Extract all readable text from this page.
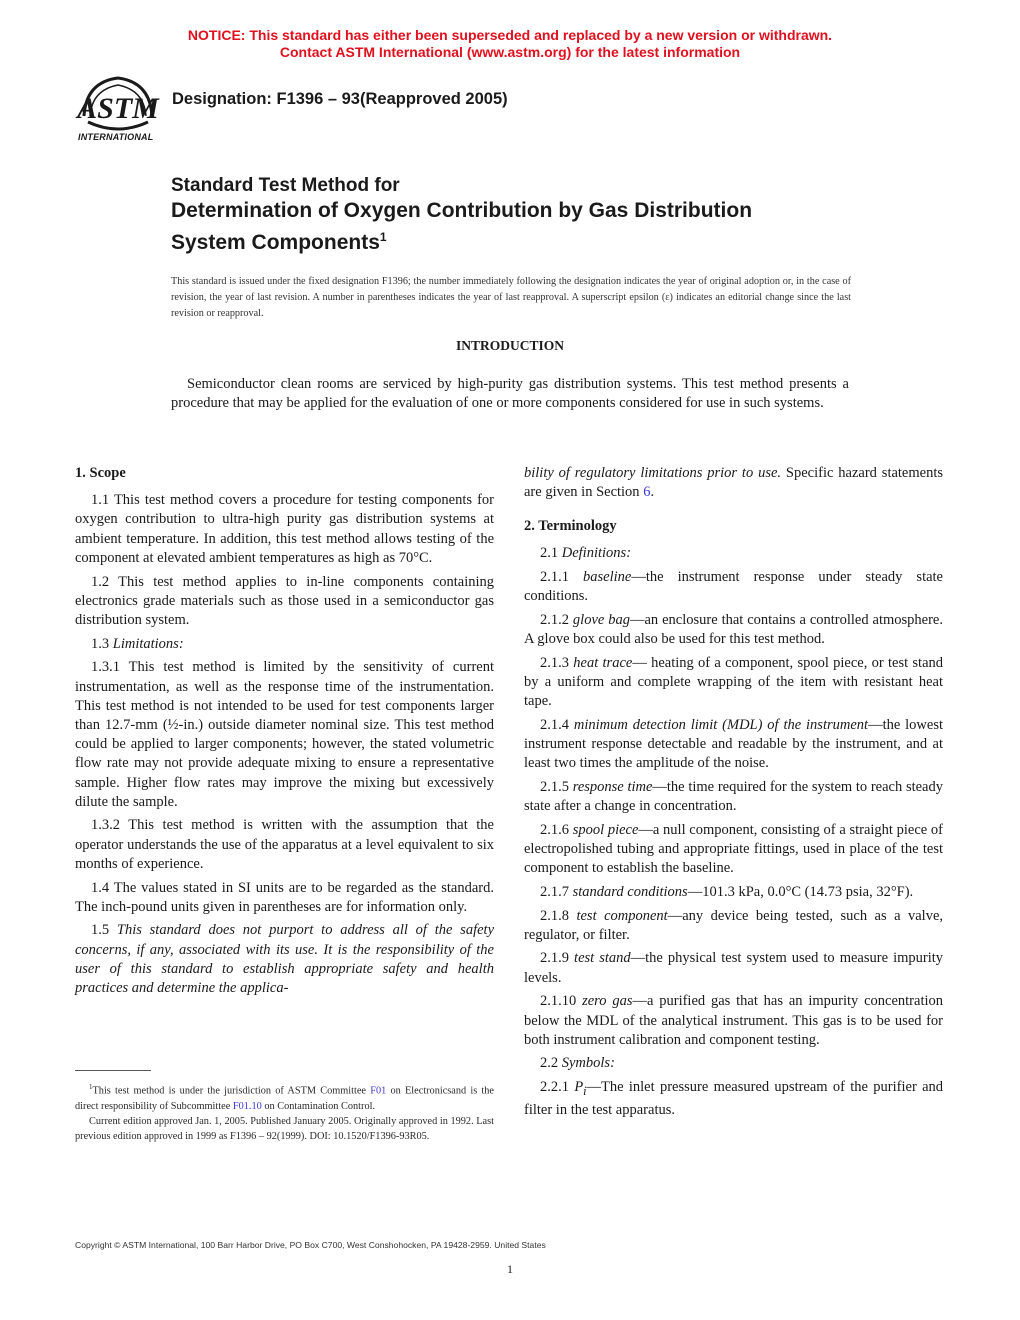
NOTICE: This standard has either been superseded and replaced by a new version or withdrawn.
Contact ASTM International (www.astm.org) for the latest information
ASTM
INTERNATIONAL
Designation: F1396 – 93(Reapproved 2005)
Standard Test Method for
Determination of Oxygen Contribution by Gas Distribution
System Components$^1$
This standard is issued under the fixed designation F1396; the number immediately following the designation indicates the year of original adoption or, in the case of revision, the year of last revision. A number in parentheses indicates the year of last reapproval. A superscript epsilon (ε) indicates an editorial change since the last revision or reapproval.
INTRODUCTION
Semiconductor clean rooms are serviced by high-purity gas distribution systems. This test method presents a procedure that may be applied for the evaluation of one or more components considered for use in such systems.

1. Scope

1.1 This test method covers a procedure for testing components for oxygen contribution to ultra-high purity gas distribution systems at ambient temperature. In addition, this test method allows testing of the component at elevated ambient temperatures as high as 70°C.

1.2 This test method applies to in-line components containing electronics grade materials such as those used in a semiconductor gas distribution system.

1.3 Limitations:

1.3.1 This test method is limited by the sensitivity of current instrumentation, as well as the response time of the instrumentation. This test method is not intended to be used for test components larger than 12.7-mm (½-in.) outside diameter nominal size. This test method could be applied to larger components; however, the stated volumetric flow rate may not provide adequate mixing to ensure a representative sample. Higher flow rates may improve the mixing but excessively dilute the sample.

1.3.2 This test method is written with the assumption that the operator understands the use of the apparatus at a level equivalent to six months of experience.

1.4 The values stated in SI units are to be regarded as the standard. The inch-pound units given in parentheses are for information only.

1.5 This standard does not purport to address all of the safety concerns, if any, associated with its use. It is the responsibility of the user of this standard to establish appropriate safety and health practices and determine the applica-

bility of regulatory limitations prior to use. Specific hazard statements are given in Section 6.

2. Terminology

2.1 Definitions:

2.1.1 baseline—the instrument response under steady state conditions.

2.1.2 glove bag—an enclosure that contains a controlled atmosphere. A glove box could also be used for this test method.

2.1.3 heat trace— heating of a component, spool piece, or test stand by a uniform and complete wrapping of the item with resistant heat tape.

2.1.4 minimum detection limit (MDL) of the instrument—the lowest instrument response detectable and readable by the instrument, and at least two times the amplitude of the noise.

2.1.5 response time—the time required for the system to reach steady state after a change in concentration.

2.1.6 spool piece—a null component, consisting of a straight piece of electropolished tubing and appropriate fittings, used in place of the test component to establish the baseline.

2.1.7 standard conditions—101.3 kPa, 0.0°C (14.73 psia, 32°F).

2.1.8 test component—any device being tested, such as a valve, regulator, or filter.

2.1.9 test stand—the physical test system used to measure impurity levels.

2.1.10 zero gas—a purified gas that has an impurity concentration below the MDL of the analytical instrument. This gas is to be used for both instrument calibration and component testing.

2.2 Symbols:

2.2.1 $P_i—The$ inlet pressure measured upstream of the purifier and filter in the test apparatus.

$^1$This test method is under the jurisdiction of ASTM Committee F01 on Electronicsand is the direct responsibility of Subcommittee F01.10 on Contamination Control.

Current edition approved Jan. 1, 2005. Published January 2005. Originally approved in 1992. Last previous edition approved in 1999 as F1396 – 92(1999). DOI: 10.1520/F1396-93R05.

Copyright © ASTM International, 100 Barr Harbor Drive, PO Box C700, West Conshohocken, PA 19428-2959. United States
1
